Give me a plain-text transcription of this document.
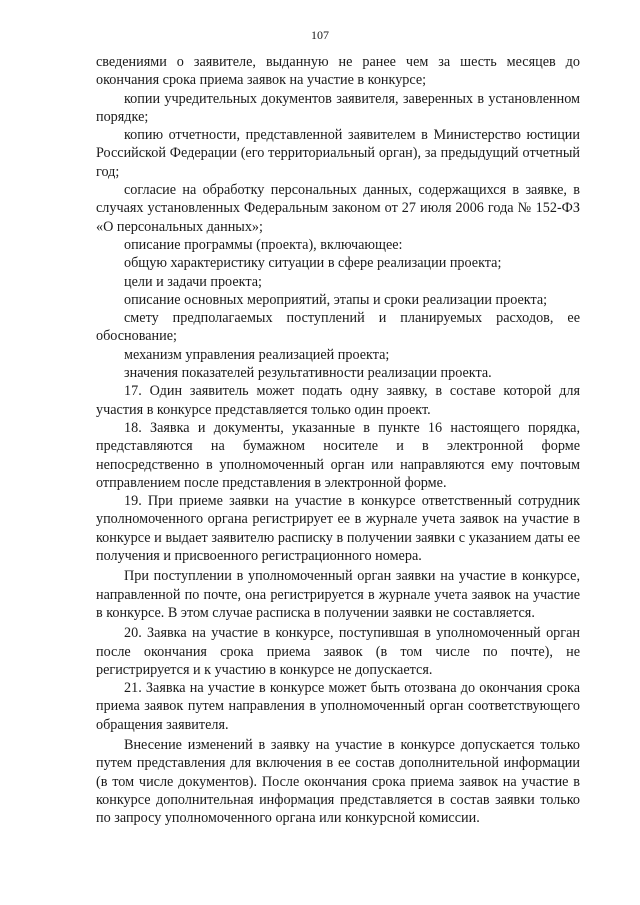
107

сведениями о заявителе, выданную не ранее чем за шесть месяцев до окончания срока приема заявок на участие в конкурсе;

копии учредительных документов заявителя, заверенных в установленном порядке;

копию отчетности, представленной заявителем в Министерство юстиции Российской Федерации (его территориальный орган), за предыдущий отчетный год;

согласие на обработку персональных данных, содержащихся в заявке, в случаях установленных Федеральным законом от 27 июля 2006 года № 152-ФЗ «О персональных данных»;

описание программы (проекта), включающее:

общую характеристику ситуации в сфере реализации проекта;

цели и задачи проекта;

описание основных мероприятий, этапы и сроки реализации проекта;

смету предполагаемых поступлений и планируемых расходов, ее обоснование;

механизм управления реализацией проекта;

значения показателей результативности реализации проекта.

17. Один заявитель может подать одну заявку, в составе которой для участия в конкурсе представляется только один проект.

18. Заявка и документы, указанные в пункте 16 настоящего порядка, представляются на бумажном носителе и в электронной форме непосредственно в уполномоченный орган или направляются ему почтовым отправлением после представления в электронной форме.

19. При приеме заявки на участие в конкурсе ответственный сотрудник уполномоченного органа регистрирует ее в журнале учета заявок на участие в конкурсе и выдает заявителю расписку в получении заявки с указанием даты ее получения и присвоенного регистрационного номера.

При поступлении в уполномоченный орган заявки на участие в конкурсе, направленной по почте, она регистрируется в журнале учета заявок на участие в конкурсе. В этом случае расписка в получении заявки не составляется.

20. Заявка на участие в конкурсе, поступившая в уполномоченный орган после окончания срока приема заявок (в том числе по почте), не регистрируется и к участию в конкурсе не допускается.

21. Заявка на участие в конкурсе может быть отозвана до окончания срока приема заявок путем направления в уполномоченный орган соответствующего обращения заявителя.

Внесение изменений в заявку на участие в конкурсе допускается только путем представления для включения в ее состав дополнительной информации (в том числе документов). После окончания срока приема заявок на участие в конкурсе дополнительная информация представляется в состав заявки только по запросу уполномоченного органа или конкурсной комиссии.
